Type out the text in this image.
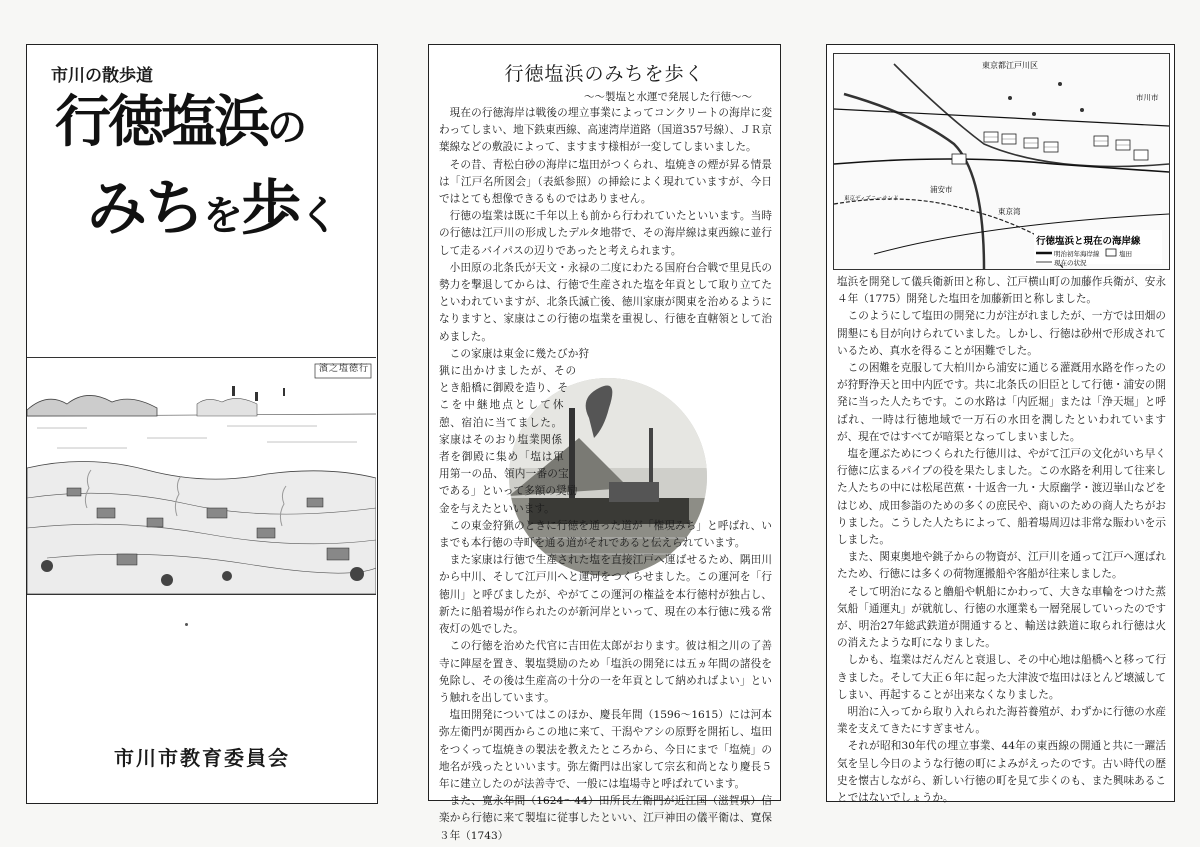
市川の散歩道
行徳塩浜の
みちを歩く
濱之塩徳行
市川市教育委員会
行徳塩浜のみちを歩く
〜〜製塩と水運で発展した行徳〜〜

現在の行徳海岸は戦後の埋立事業によってコンクリートの海岸に変わってしまい、地下鉄東西線、高速湾岸道路（国道357号線）、ＪＲ京葉線などの敷設によって、ますます様相が一変してしまいました。

その昔、青松白砂の海岸に塩田がつくられ、塩焼きの煙が昇る情景は「江戸名所図会」（表紙参照）の挿絵によく現れていますが、今日ではとても想像できるものではありません。

行徳の塩業は既に千年以上も前から行われていたといいます。当時の行徳は江戸川の形成したデルタ地帯で、その海岸線は東西線に並行して走るバイパスの辺りであったと考えられます。

小田原の北条氏が天文・永禄の二度にわたる国府台合戦で里見氏の勢力を撃退してからは、行徳で生産された塩を年貢として取り立てたといわれていますが、北条氏滅亡後、徳川家康が関東を治めるようになりますと、家康はこの行徳の塩業を重視し、行徳を直轄領として治めました。

この家康は東金に幾たびか狩猟に出かけましたが、そのとき船橋に御殿を造り、そこを中継地点として休憩、宿泊に当てました。家康はそのおり塩業関係者を御殿に集め「塩は軍用第一の品、領内一番の宝である」といって多額の奨励金を与えたといいます。

この東金狩猟のときに行徳を通った道が「権現みち」と呼ばれ、いまでも本行徳の寺町を通る道がそれであると伝えられています。

また家康は行徳で生産された塩を直接江戸へ運ばせるため、隅田川から中川、そして江戸川へと運河をつくらせました。この運河を「行徳川」と呼びましたが、やがてこの運河の権益を本行徳村が独占し、新たに船着場が作られたのが新河岸といって、現在の本行徳に残る常夜灯の処でした。

この行徳を治めた代官に吉田佐太郎がおります。彼は相之川の了善寺に陣屋を置き、製塩奨励のため「塩浜の開発には五ヵ年間の諸役を免除し、その後は生産高の十分の一を年貢として納めればよい」という触れを出しています。

塩田開発についてはこのほか、慶長年間（1596〜1615）には河本弥左衛門が関西からこの地に来て、干潟やアシの原野を開拓し、塩田をつくって塩焼きの製法を教えたところから、今日にまで「塩焼」の地名が残ったといいます。弥左衛門は出家して宗玄和尚となり慶長５年に建立したのが法善寺で、一般には塩場寺と呼ばれています。

また、寛永年間（1624〜44）田所長左衛門が近江国（滋賀県）信楽から行徳に来て製塩に従事したといい、江戸神田の儀平衛は、寛保３年（1743）

東京都江戸川区
市川市
浦安市
東京湾
東京ディズニーランド
行徳塩浜と現在の海岸線
明治初年海岸線	塩田
現在の状況

塩浜を開発して儀兵衛新田と称し、江戸横山町の加藤作兵衛が、安永４年（1775）開発した塩田を加藤新田と称しました。

このようにして塩田の開発に力が注がれましたが、一方では田畑の開墾にも目が向けられていました。しかし、行徳は砂州で形成されているため、真水を得ることが困難でした。

この困難を克服して大柏川から浦安に通じる灌漑用水路を作ったのが狩野浄天と田中内匠です。共に北条氏の旧臣として行徳・浦安の開発に当った人たちです。この水路は「内匠堀」または「浄天堀」と呼ばれ、一時は行徳地域で一万石の水田を潤したといわれていますが、現在ではすべてが暗渠となってしまいました。

塩を運ぶためにつくられた行徳川は、やがて江戸の文化がいち早く行徳に広まるパイプの役を果たしました。この水路を利用して往来した人たちの中には松尾芭蕉・十返舎一九・大原幽学・渡辺崋山などをはじめ、成田参詣のための多くの庶民や、商いのための商人たちがおりました。こうした人たちによって、船着場周辺は非常な賑わいを示しました。

また、関東奥地や銚子からの物資が、江戸川を通って江戸へ運ばれたため、行徳には多くの荷物運搬船や客船が往来しました。

そして明治になると艪船や帆船にかわって、大きな車輪をつけた蒸気船「通運丸」が就航し、行徳の水運業も一層発展していったのですが、明治27年総武鉄道が開通すると、輸送は鉄道に取られ行徳は火の消えたような町になりました。

しかも、塩業はだんだんと衰退し、その中心地は船橋へと移って行きました。そして大正６年に起った大津波で塩田はほとんど壊滅してしまい、再起することが出来なくなりました。

明治に入ってから取り入れられた海苔養殖が、わずかに行徳の水産業を支えてきたにすぎません。

それが昭和30年代の埋立事業、44年の東西線の開通と共に一躍活気を呈し今日のような行徳の町によみがえったのです。古い時代の歴史を懐古しながら、新しい行徳の町を見て歩くのも、また興味あることではないでしょうか。
